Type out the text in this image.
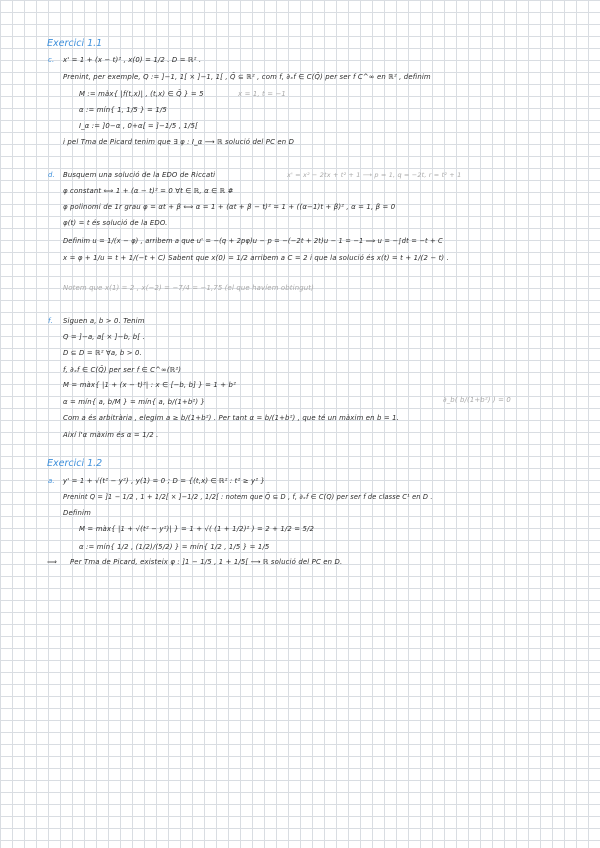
Exercici 1.1
c. x' = 1 + (x − t)² , x(0) = 1/2 . D = ℝ² .
Prenint, per exemple, Q := ]−1, 1[ × ]−1, 1[ , Q̄ ⊆ ℝ² , com f, ∂ₓf ∈ C(Q̄) per ser f C^∞ en ℝ² , definim
M := màx{ |f(t,x)| , (t,x) ∈ Q̄ } = 5	x = 1, t = −1
α := mín{ 1, 1/5 } = 1/5
I_α := ]0−α , 0+α[ = ]−1/5 , 1/5[
i pel Tma de Picard tenim que ∃ φ : I_α ⟶ ℝ solució del PC en D
d. Busquem una solució de la EDO de Riccati	x' = x² − 2tx + t² + 1 ⟶ p = 1, q = −2t, r = t² + 1
φ constant ⟺ 1 + (α − t)² = 0 ∀t ∈ ℝ, α ∈ ℝ #
φ polinomi de 1r grau φ = αt + β ⟺ α = 1 + (αt + β − t)² = 1 + ((α−1)t + β)² , α = 1, β = 0
φ(t) = t és solució de la EDO.
Definim u = 1/(x − φ) , arribem a que u' = −(q + 2pφ)u − p = −(−2t + 2t)u − 1 = −1 ⟹ u = −∫dt = −t + C
x = φ + 1/u = t + 1/(−t + C) Sabent que x(0) = 1/2 arribem a C = 2 i que la solució és x(t) = t + 1/(2 − t) .
Notem que x(1) = 2 , x(−2) = −7/4 = −1,75 (el que havíem obtingut)
f. Siguen a, b > 0. Tenim
Q = ]−a, a[ × ]−b, b[ .
D ⊆ D = ℝ² ∀a, b > 0.
f, ∂ₓf ∈ C(Q̄) per ser f ∈ C^∞(ℝ²)
M = màx{ |1 + (x − t)²| : x ∈ [−b, b] } = 1 + b²
α = mín{ a, b/M } = mín{ a, b/(1+b²) }	∂_b( b/(1+b²) ) = 0
Com a és arbitrària , elegim a ≥ b/(1+b²) . Per tant α = b/(1+b²) , que té un màxim en b = 1.
Així l'α màxim és α = 1/2 .
Exercici 1.2
a. y' = 1 + √(t² − y²) , y(1) = 0 ; D = {(t,x) ∈ ℝ² : t² ≥ y² }
Prenint Q = ]1 − 1/2 , 1 + 1/2[ × ]−1/2 , 1/2[ : notem que Q̄ ⊆ D , f, ∂ₓf ∈ C(Q) per ser f de classe C¹ en D .
Definim
M = màx{ |1 + √(t² − y²)| } = 1 + √( (1 + 1/2)² ) = 2 + 1/2 = 5/2
α := mín{ 1/2 , (1/2)/(5/2) } = mín{ 1/2 , 1/5 } = 1/5
⟹ Per Tma de Picard, existeix φ : ]1 − 1/5 , 1 + 1/5[ ⟶ ℝ solució del PC en D.
